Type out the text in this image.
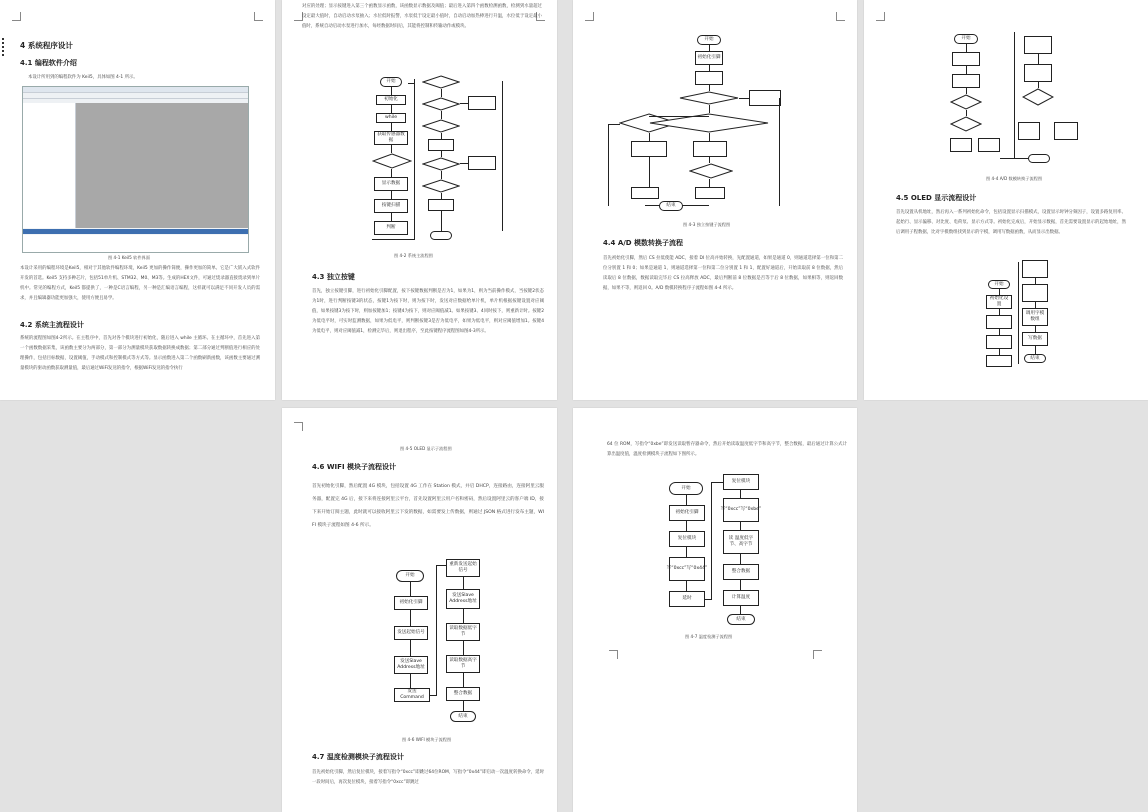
4 系统程序设计
4.1 编程软件介绍
本设计所用到的编程软件为 Keil5，具体如图 4-1 所示。
图 4-1 Keil5 软件界面
本设计采用的编程环境是Keil5，相对于其他软件编程环境，Keil5 更加的操作简便，操作更加的简单。它是广大嵌入式软件开发的首选。Keil5 支持多种芯片，包括51单片机、STM32、M0、M3等。生成的HEX文件，可通过烧录器直接烧录到单片机中。常见的编程方式，Keil5 都提供了，一种是C语言编程，另一种是汇编语言编程，这样就可以满足不同开发人员的需求，并且编辑器功能更加强大，使用方便且易学。
4.2 系统主流程设计
系统的流程图如图4-2所示。在主程序中，首先对各个模块进行初始化，随后进入 while 主循环。在主循环中，首先进入第一个函数数据采集，该函数主要分为两部分，第一部分为测量模块获取数据转换成数据；第二部分通过判断值进行相应的处理操作，包括目标数据，设置阈值，手动模式和控制模式等方式等。显示函数进入第二个函数刷新函数，该函数主要通过测量模块的驱动函数获取测量值，最后通过WiFi发送的指令，根据WiFi发送的指令执行
对应的处理；显示按键进入第三个函数显示函数，该函数显示数据及阈值；最后进入第四个函数检测函数，检测到水量超过设定最大值时，自动启动水泵抽入；水位低时报警，水泵低于设定最小值时，自动启动加热棒进行升温，水位低于设定最小值时，系统自动启动水泵进行加水，每经数据时间后，其能将控制和传输动作或模块。
开始
初始化
while
获取传感器数据
显示数据
按键扫描
判断
图 4-2 系统主流程图
4.3 独立按键
首先，独立按键引脚，进行初始化引脚配置，按下按键数据判断是否为1，如果为1，则为当前操作模式，当按键2状态为1时，进行判断按键3的状态，按键1为按下时，则为按下时，发送对应数据给单片机，单片机根据按键设置对应阈值，如果按键3为按下时，则加按键加1；按键4为按下，则对应阈值减1。如果按键3、4同时按下，则重新计时。按键2为低电平时，可实时监测数据，如果为低电平，则判断按键3是否为低电平，如果为低电平，则对应阈值增加1。按键4为低电平，则对应阈值减1，检测完毕后，则退出程序，至此按键程序流程图如图4-3所示。
开始
初始化引脚
结束
图 4-3 独立按键子流程图
4.4 A/D 模数转换子流程
首先初始化引脚，然后 CS 拉低使能 ADC，接着 DI 位高并始转换，先配置通道，如果是通道 0，则通道选择第一位和第二位分别置 1 和 0；如果是通道 1，则通道选择第一位和第二位分别置 1 和 1，配置好通道后，开始读取前 8 位数据，然后读取后 8 位数据，数据读取完毕后 CS 拉高释放 ADC，最后判断前 8 位数据是否等于后 8 位数据，如果相等，则返回数据，如果不等，则返回 0。A/D 数模转换程序子流程如图 4-4 所示。
开始
图 4-4 A/D 数模转换子流程图
4.5 OLED 显示流程设计
首先设置从机地址，然后再入一系列初始化命令，包括设置显示扫描模式，设置显示时钟分频因子，设置多路复用率、起始行、显示偏移、对比度、电荷泵、显示方式等。初始化完成后，开始显示数据，首先需要设置显示的起始地址，然后调用子程数据，比对字模数组找到显示的字模，调用写数据函数，从而显示出数据。
开始
初始化设置
调用字模数组
写数据
结束
图 4-5 OLED 显示子流程图
4.6 WIFI 模块子流程设计
首先初始化引脚，然后配置 4G 模块，包括设置 4G 工作在 Station 模式，并启 DHCP，连接路由，连接阿里云服务器，配置完 4G 后，接下来将连接阿里云平台，首先设置阿里云用户名和密码，然后设置阿里云的客户端 ID，接下来开始订阅主题，此时就可以接收阿里云下发的数据，如需要发上传数据，则通过 JSON 格式进行发布主题，WIFI 模块子流程如图 4-6 所示。
开始
初始化引脚
发送起始信号
发送Slave Address地址
发送Command
重新发送起始信号
发送Slave Address地址
读取数据低字节
读取数据高字节
整合数据
结束
图 4-6 WIFI 模块子流程图
4.7 温度检测模块子流程设计
首先初始化引脚，然后复位模块，接着写指令“0xcc”即跳过64位ROM，写指令“0x44”即启动一次温度转换命令，延时一段时间后，再次复位模块，接着写指令“0xcc”即跳过
64 位 ROM，写指令“0xbe”即发送读取暂存器命令，然后开始读取温度低字节和高字节，整合数据，最后通过计算公式计算出温度值，温度检测模块子流程如下图所示。
开始
初始化引脚
复位模块
写“0xcc”写“0x44”
延时
复位模块
写“0xcc”写“0xbe”
读 温度低字节、高字节
整合数据
计算温度
结束
图 4-7 温度检测子流程图
